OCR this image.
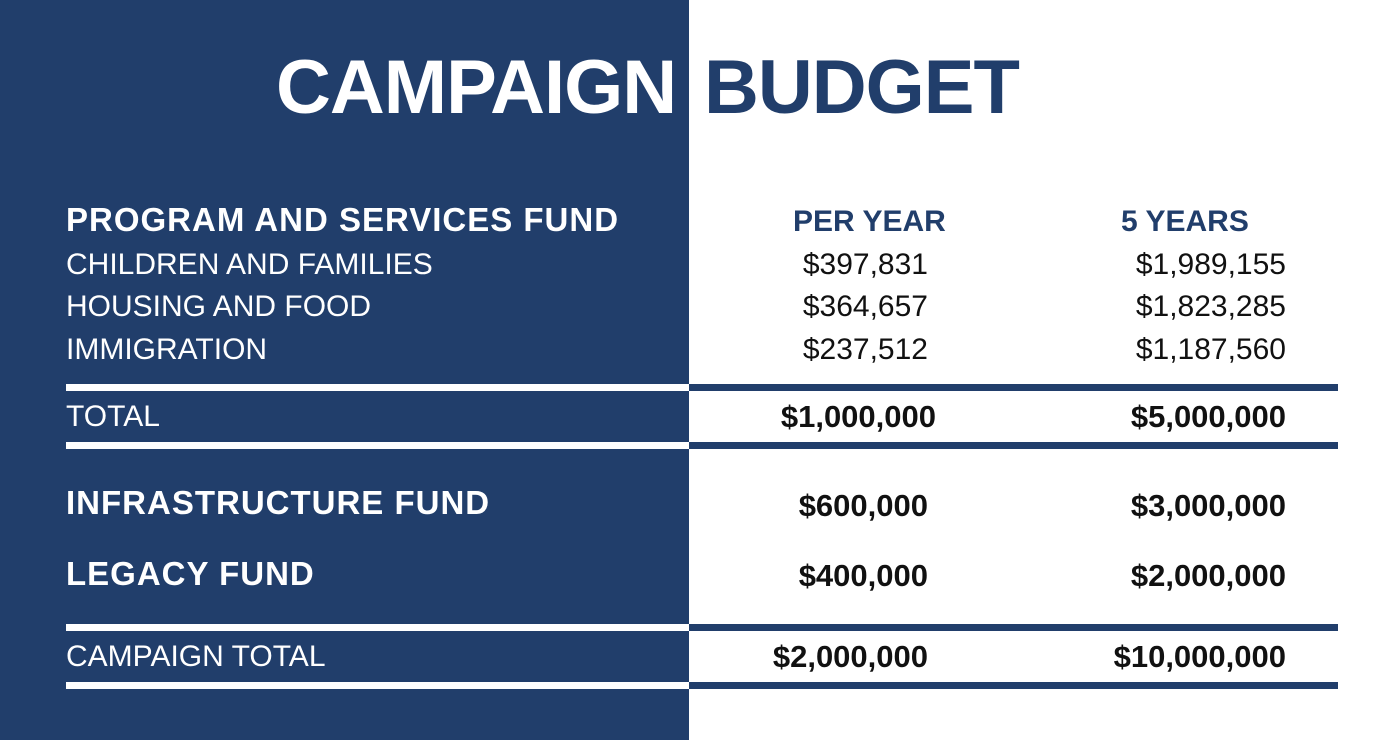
CAMPAIGN BUDGET
PROGRAM AND SERVICES FUND	PER YEAR	5 YEARS
CHILDREN AND FAMILIES	$397,831	$1,989,155
HOUSING AND FOOD	$364,657	$1,823,285
IMMIGRATION	$237,512	$1,187,560
TOTAL	$1,000,000	$5,000,000
INFRASTRUCTURE FUND	$600,000	$3,000,000
LEGACY FUND	$400,000	$2,000,000
CAMPAIGN TOTAL	$2,000,000	$10,000,000
